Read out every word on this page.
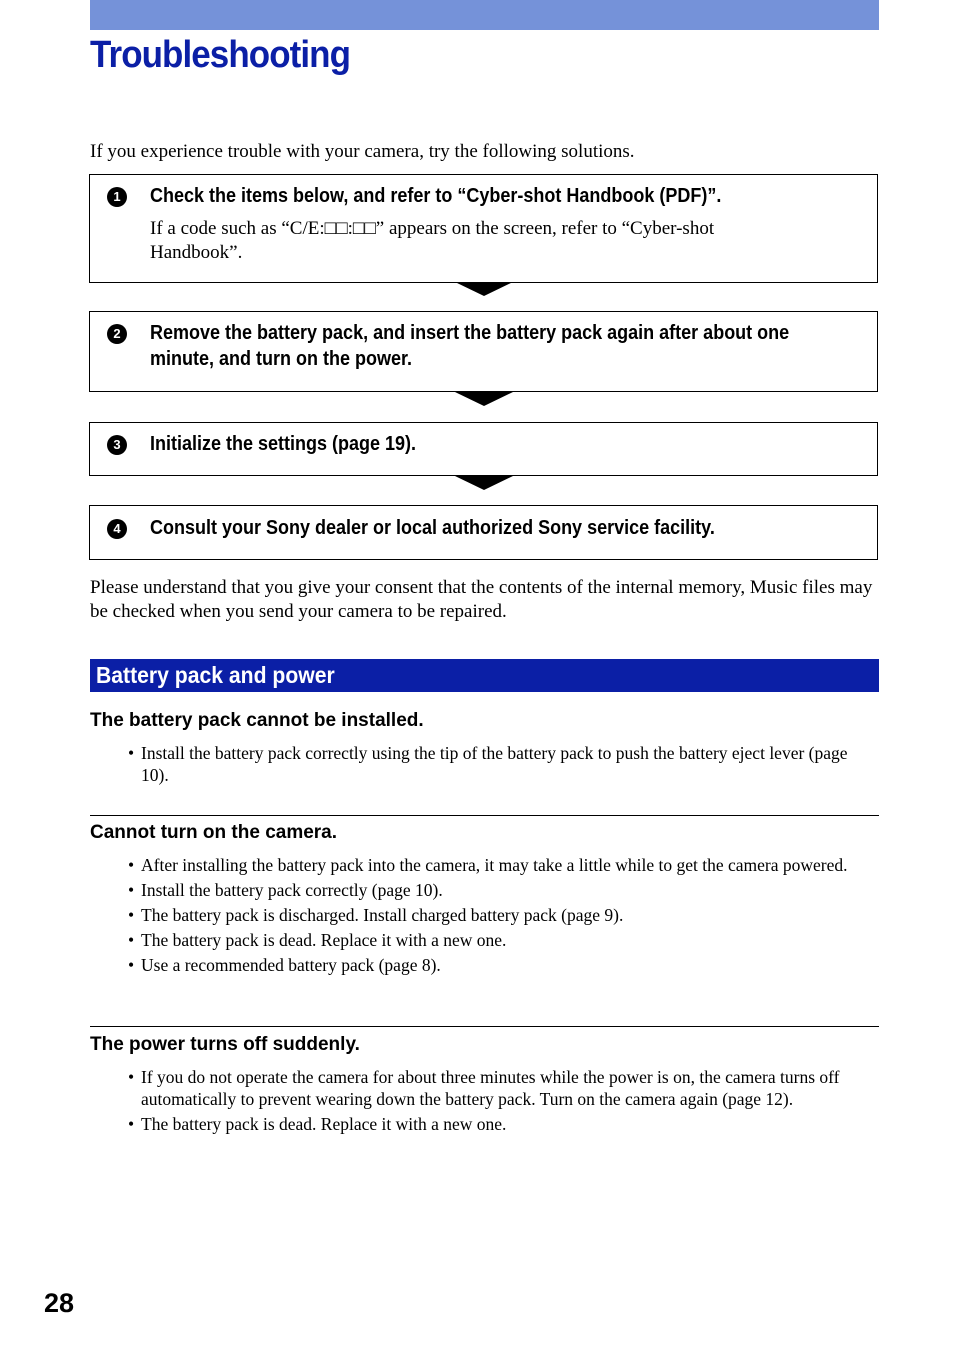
Troubleshooting

If you experience trouble with your camera, try the following solutions.

1	Check the items below, and refer to “Cyber-shot Handbook (PDF)”.

If a code such as “C/E:□□:□□” appears on the screen, refer to “Cyber-shot
Handbook”.

2	Remove the battery pack, and insert the battery pack again after about one minute, and turn on the power.

3	Initialize the settings (page 19).

4	Consult your Sony dealer or local authorized Sony service facility.

Please understand that you give your consent that the contents of the internal memory, Music files may be checked when you send your camera to be repaired.

Battery pack and power

The battery pack cannot be installed.

• Install the battery pack correctly using the tip of the battery pack to push the battery eject lever (page 10).

Cannot turn on the camera.

• After installing the battery pack into the camera, it may take a little while to get the camera powered.
• Install the battery pack correctly (page 10).
• The battery pack is discharged. Install charged battery pack (page 9).
• The battery pack is dead. Replace it with a new one.
• Use a recommended battery pack (page 8).

The power turns off suddenly.

• If you do not operate the camera for about three minutes while the power is on, the camera turns off automatically to prevent wearing down the battery pack. Turn on the camera again (page 12).
• The battery pack is dead. Replace it with a new one.

28
